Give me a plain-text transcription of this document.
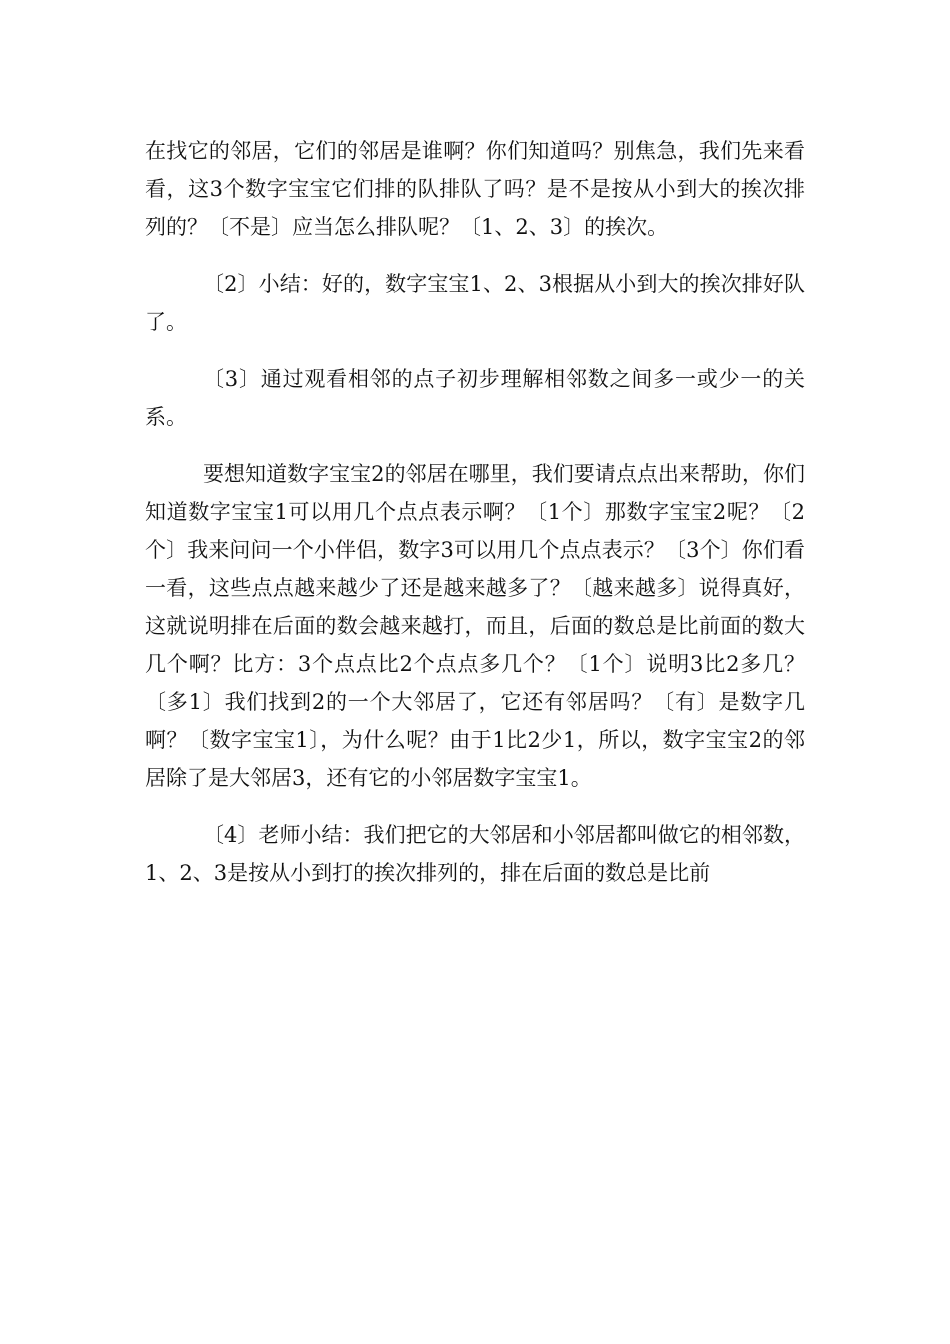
在找它的邻居，它们的邻居是谁啊？你们知道吗？别焦急，我们先来看看，这3个数字宝宝它们排的队排队了吗？是不是按从小到大的挨次排列的？〔不是〕应当怎么排队呢？〔1、2、3〕的挨次。

〔2〕小结：好的，数字宝宝1、2、3根据从小到大的挨次排好队了。

〔3〕通过观看相邻的点子初步理解相邻数之间多一或少一的关系。

要想知道数字宝宝2的邻居在哪里，我们要请点点出来帮助，你们知道数字宝宝1可以用几个点点表示啊？〔1个〕那数字宝宝2呢？〔2个〕我来问问一个小伴侣，数字3可以用几个点点表示？〔3个〕你们看一看，这些点点越来越少了还是越来越多了？〔越来越多〕说得真好，这就说明排在后面的数会越来越打，而且，后面的数总是比前面的数大几个啊？比方：3个点点比2个点点多几个？〔1个〕说明3比2多几？〔多1〕我们找到2的一个大邻居了，它还有邻居吗？〔有〕是数字几啊？〔数字宝宝1〕，为什么呢？由于1比2少1，所以，数字宝宝2的邻居除了是大邻居3，还有它的小邻居数字宝宝1。

〔4〕老师小结：我们把它的大邻居和小邻居都叫做它的相邻数，1、2、3是按从小到打的挨次排列的，排在后面的数总是比前
